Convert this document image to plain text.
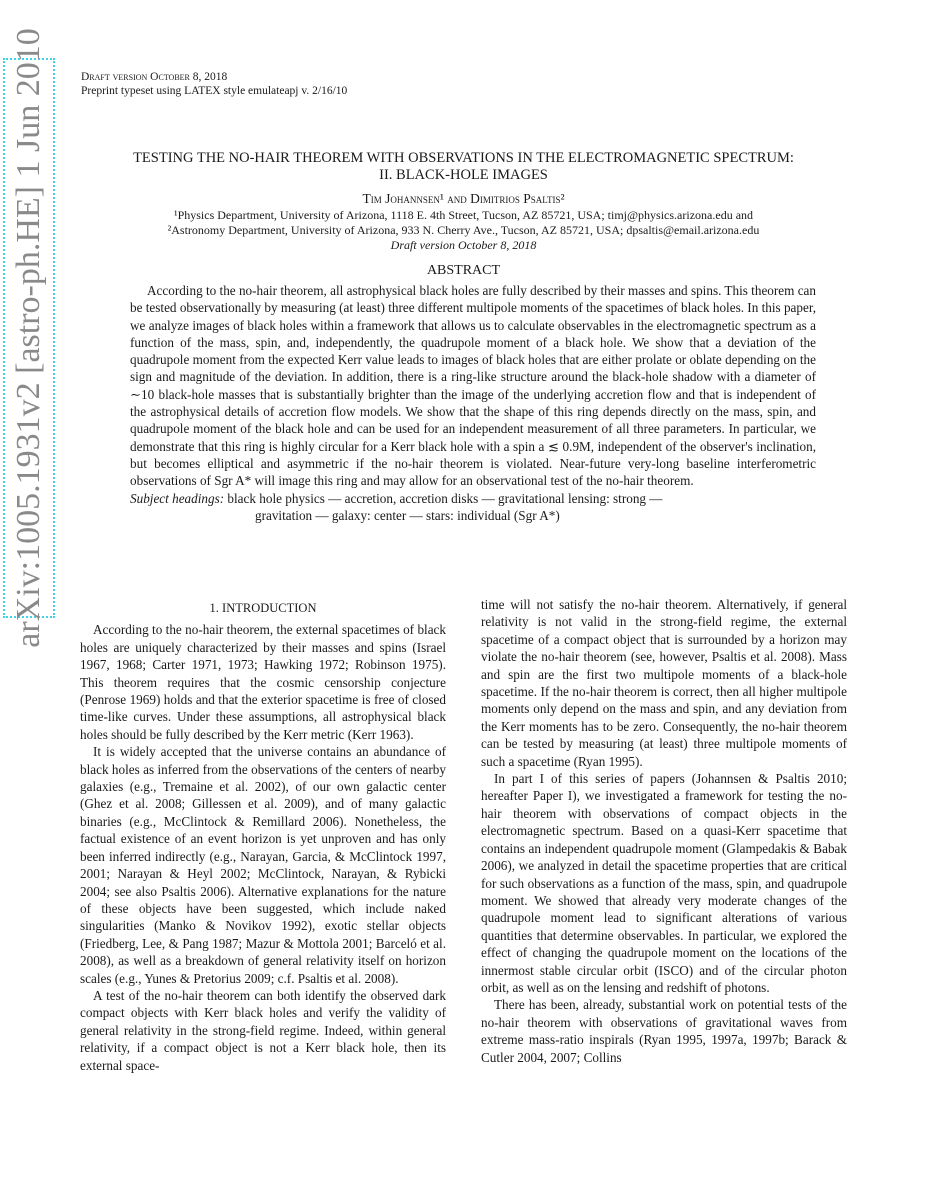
arXiv:1005.1931v2 [astro-ph.HE] 1 Jun 2010	Draft version October 8, 2018
Preprint typeset using LATEX style emulateapj v. 2/16/10
TESTING THE NO-HAIR THEOREM WITH OBSERVATIONS IN THE ELECTROMAGNETIC SPECTRUM:
II. BLACK-HOLE IMAGES
Tim Johannsen¹ and Dimitrios Psaltis²
¹Physics Department, University of Arizona, 1118 E. 4th Street, Tucson, AZ 85721, USA; timj@physics.arizona.edu and
²Astronomy Department, University of Arizona, 933 N. Cherry Ave., Tucson, AZ 85721, USA; dpsaltis@email.arizona.edu
Draft version October 8, 2018
ABSTRACT

According to the no-hair theorem, all astrophysical black holes are fully described by their masses and spins. This theorem can be tested observationally by measuring (at least) three different multipole moments of the spacetimes of black holes. In this paper, we analyze images of black holes within a framework that allows us to calculate observables in the electromagnetic spectrum as a function of the mass, spin, and, independently, the quadrupole moment of a black hole. We show that a deviation of the quadrupole moment from the expected Kerr value leads to images of black holes that are either prolate or oblate depending on the sign and magnitude of the deviation. In addition, there is a ring-like structure around the black-hole shadow with a diameter of ∼10 black-hole masses that is substantially brighter than the image of the underlying accretion flow and that is independent of the astrophysical details of accretion flow models. We show that the shape of this ring depends directly on the mass, spin, and quadrupole moment of the black hole and can be used for an independent measurement of all three parameters. In particular, we demonstrate that this ring is highly circular for a Kerr black hole with a spin a ≲ 0.9M, independent of the observer's inclination, but becomes elliptical and asymmetric if the no-hair theorem is violated. Near-future very-long baseline interferometric observations of Sgr A* will image this ring and may allow for an observational test of the no-hair theorem.

Subject headings: black hole physics — accretion, accretion disks — gravitational lensing: strong —
gravitation — galaxy: center — stars: individual (Sgr A*)
1. INTRODUCTION

According to the no-hair theorem, the external spacetimes of black holes are uniquely characterized by their masses and spins (Israel 1967, 1968; Carter 1971, 1973; Hawking 1972; Robinson 1975). This theorem requires that the cosmic censorship conjecture (Penrose 1969) holds and that the exterior spacetime is free of closed time-like curves. Under these assumptions, all astrophysical black holes should be fully described by the Kerr metric (Kerr 1963).

It is widely accepted that the universe contains an abundance of black holes as inferred from the observations of the centers of nearby galaxies (e.g., Tremaine et al. 2002), of our own galactic center (Ghez et al. 2008; Gillessen et al. 2009), and of many galactic binaries (e.g., McClintock & Remillard 2006). Nonetheless, the factual existence of an event horizon is yet unproven and has only been inferred indirectly (e.g., Narayan, Garcia, & McClintock 1997, 2001; Narayan & Heyl 2002; McClintock, Narayan, & Rybicki 2004; see also Psaltis 2006). Alternative explanations for the nature of these objects have been suggested, which include naked singularities (Manko & Novikov 1992), exotic stellar objects (Friedberg, Lee, & Pang 1987; Mazur & Mottola 2001; Barceló et al. 2008), as well as a breakdown of general relativity itself on horizon scales (e.g., Yunes & Pretorius 2009; c.f. Psaltis et al. 2008).

A test of the no-hair theorem can both identify the observed dark compact objects with Kerr black holes and verify the validity of general relativity in the strong-field regime. Indeed, within general relativity, if a compact object is not a Kerr black hole, then its external space-

time will not satisfy the no-hair theorem. Alternatively, if general relativity is not valid in the strong-field regime, the external spacetime of a compact object that is surrounded by a horizon may violate the no-hair theorem (see, however, Psaltis et al. 2008). Mass and spin are the first two multipole moments of a black-hole spacetime. If the no-hair theorem is correct, then all higher multipole moments only depend on the mass and spin, and any deviation from the Kerr moments has to be zero. Consequently, the no-hair theorem can be tested by measuring (at least) three multipole moments of such a spacetime (Ryan 1995).

In part I of this series of papers (Johannsen & Psaltis 2010; hereafter Paper I), we investigated a framework for testing the no-hair theorem with observations of compact objects in the electromagnetic spectrum. Based on a quasi-Kerr spacetime that contains an independent quadrupole moment (Glampedakis & Babak 2006), we analyzed in detail the spacetime properties that are critical for such observations as a function of the mass, spin, and quadrupole moment. We showed that already very moderate changes of the quadrupole moment lead to significant alterations of various quantities that determine observables. In particular, we explored the effect of changing the quadrupole moment on the locations of the innermost stable circular orbit (ISCO) and of the circular photon orbit, as well as on the lensing and redshift of photons.

There has been, already, substantial work on potential tests of the no-hair theorem with observations of gravitational waves from extreme mass-ratio inspirals (Ryan 1995, 1997a, 1997b; Barack & Cutler 2004, 2007; Collins
